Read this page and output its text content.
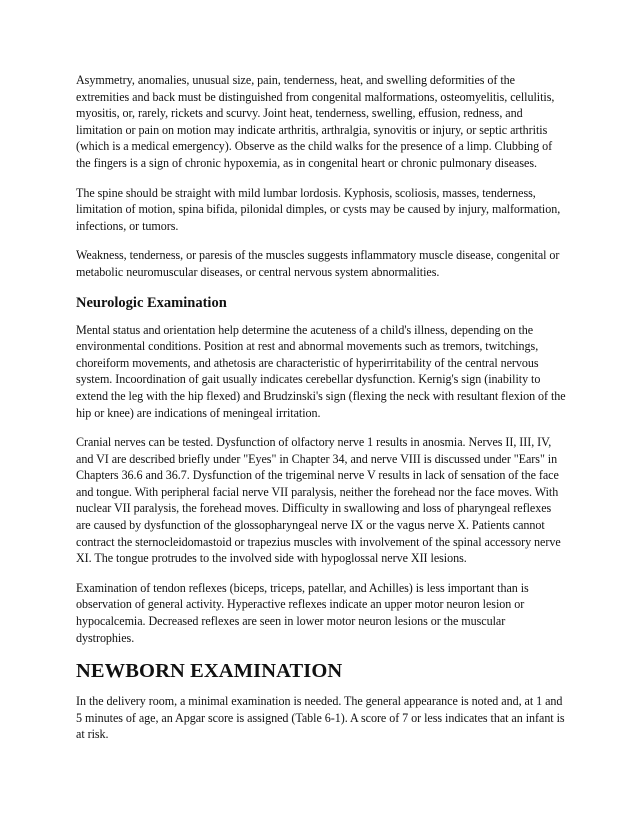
Asymmetry, anomalies, unusual size, pain, tenderness, heat, and swelling deformities of the extremities and back must be distinguished from congenital malformations, osteomyelitis, cellulitis, myositis, or, rarely, rickets and scurvy. Joint heat, tenderness, swelling, effusion, redness, and limitation or pain on motion may indicate arthritis, arthralgia, synovitis or injury, or septic arthritis (which is a medical emergency). Observe as the child walks for the presence of a limp. Clubbing of the fingers is a sign of chronic hypoxemia, as in congenital heart or chronic pulmonary diseases.

The spine should be straight with mild lumbar lordosis. Kyphosis, scoliosis, masses, tenderness, limitation of motion, spina bifida, pilonidal dimples, or cysts may be caused by injury, malformation, infections, or tumors.

Weakness, tenderness, or paresis of the muscles suggests inflammatory muscle disease, congenital or metabolic neuromuscular diseases, or central nervous system abnormalities.

Neurologic Examination

Mental status and orientation help determine the acuteness of a child's illness, depending on the environmental conditions. Position at rest and abnormal movements such as tremors, twitchings, choreiform movements, and athetosis are characteristic of hyperirritability of the central nervous system. Incoordination of gait usually indicates cerebellar dysfunction. Kernig's sign (inability to extend the leg with the hip flexed) and Brudzinski's sign (flexing the neck with resultant flexion of the hip or knee) are indications of meningeal irritation.

Cranial nerves can be tested. Dysfunction of olfactory nerve 1 results in anosmia. Nerves II, III, IV, and VI are described briefly under "Eyes" in Chapter 34, and nerve VIII is discussed under "Ears" in Chapters 36.6 and 36.7. Dysfunction of the trigeminal nerve V results in lack of sensation of the face and tongue. With peripheral facial nerve VII paralysis, neither the forehead nor the face moves. With nuclear VII paralysis, the forehead moves. Difficulty in swallowing and loss of pharyngeal reflexes are caused by dysfunction of the glossopharyngeal nerve IX or the vagus nerve X. Patients cannot contract the sternocleidomastoid or trapezius muscles with involvement of the spinal accessory nerve XI. The tongue protrudes to the involved side with hypoglossal nerve XII lesions.

Examination of tendon reflexes (biceps, triceps, patellar, and Achilles) is less important than is observation of general activity. Hyperactive reflexes indicate an upper motor neuron lesion or hypocalcemia. Decreased reflexes are seen in lower motor neuron lesions or the muscular dystrophies.

NEWBORN EXAMINATION

In the delivery room, a minimal examination is needed. The general appearance is noted and, at 1 and 5 minutes of age, an Apgar score is assigned (Table 6-1). A score of 7 or less indicates that an infant is at risk.
